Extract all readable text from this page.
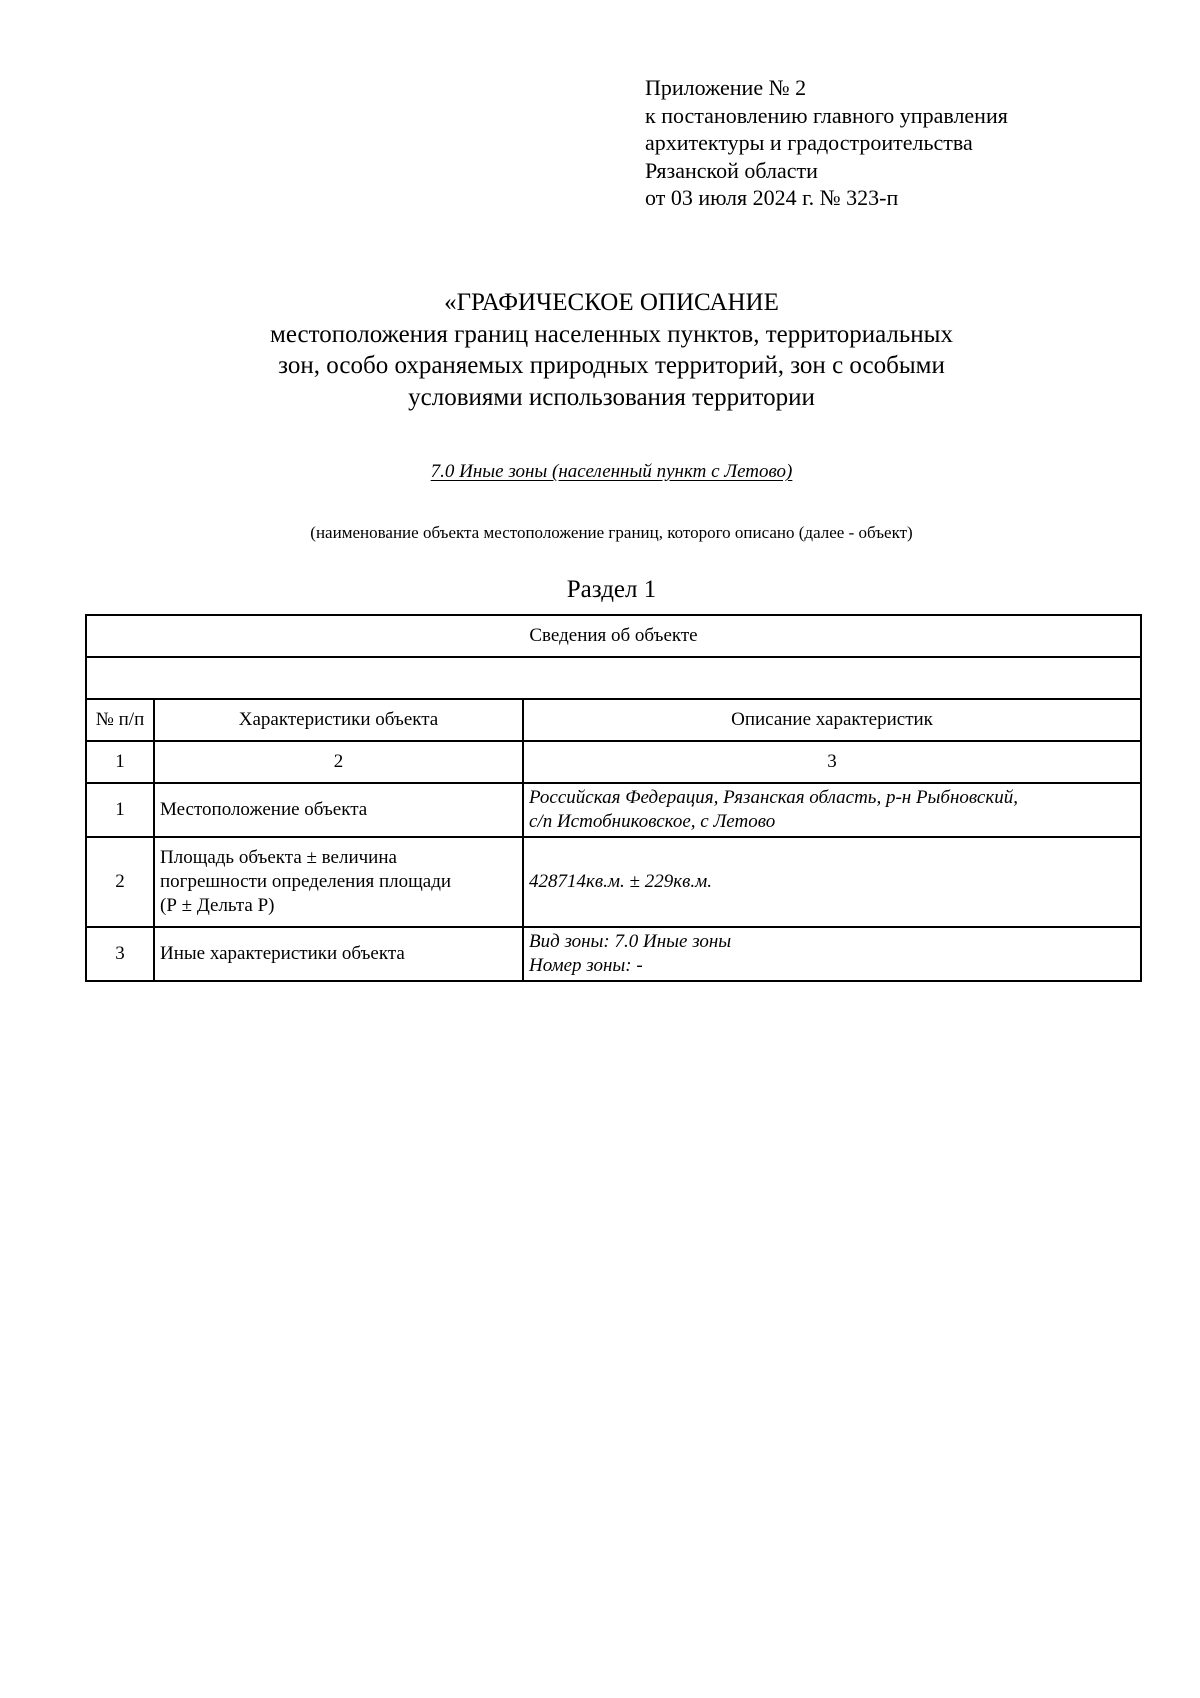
Приложение № 2
к постановлению главного управления
архитектуры и градостроительства
Рязанской области
от 03 июля 2024 г. № 323-п
«ГРАФИЧЕСКОЕ ОПИСАНИЕ
местоположения границ населенных пунктов, территориальных
зон, особо охраняемых природных территорий, зон с особыми
условиями использования территории
7.0 Иные зоны (населенный пункт с Летово)
(наименование объекта местоположение границ, которого описано (далее - объект)
Раздел 1
Сведения об объекте		

№ п/п	Характеристики объекта	Описание характеристик
1	2	3
1	Местоположение объекта	Российская Федерация, Рязанская область, р-н Рыбновский,
с/п Истобниковское, с Летово

2	Площадь объекта ± величина
погрешности определения площади
(Р ± Дельта Р)	428714кв.м. ± 229кв.м.
3	Иные характеристики объекта	Вид зоны: 7.0 Иные зоны
Номер зоны: -
